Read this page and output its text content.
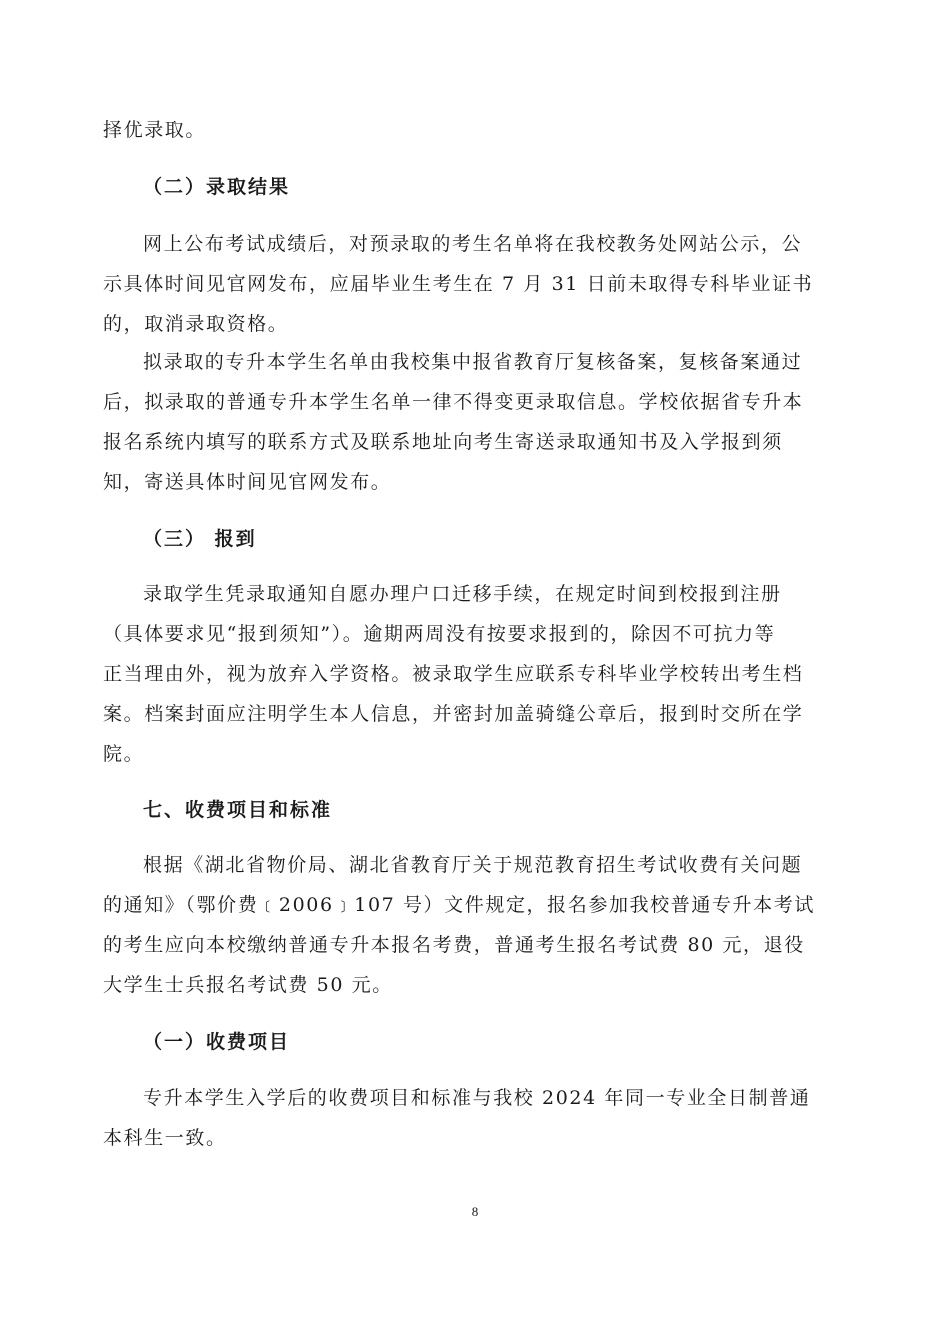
择优录取。
（二）录取结果
网上公布考试成绩后，对预录取的考生名单将在我校教务处网站公示，公
示具体时间见官网发布，应届毕业生考生在 7 月 31 日前未取得专科毕业证书
的，取消录取资格。
拟录取的专升本学生名单由我校集中报省教育厅复核备案，复核备案通过
后，拟录取的普通专升本学生名单一律不得变更录取信息。学校依据省专升本
报名系统内填写的联系方式及联系地址向考生寄送录取通知书及入学报到须
知，寄送具体时间见官网发布。
（三） 报到
录取学生凭录取通知自愿办理户口迁移手续，在规定时间到校报到注册
（具体要求见“报到须知”）。逾期两周没有按要求报到的，除因不可抗力等
正当理由外，视为放弃入学资格。被录取学生应联系专科毕业学校转出考生档
案。档案封面应注明学生本人信息，并密封加盖骑缝公章后，报到时交所在学
院。
七、收费项目和标准
根据《湖北省物价局、湖北省教育厅关于规范教育招生考试收费有关问题
的通知》（鄂价费﹝2006﹞107 号）文件规定，报名参加我校普通专升本考试
的考生应向本校缴纳普通专升本报名考费，普通考生报名考试费 80 元，退役
大学生士兵报名考试费 50 元。
（一）收费项目
专升本学生入学后的收费项目和标准与我校 2024 年同一专业全日制普通
本科生一致。
8
